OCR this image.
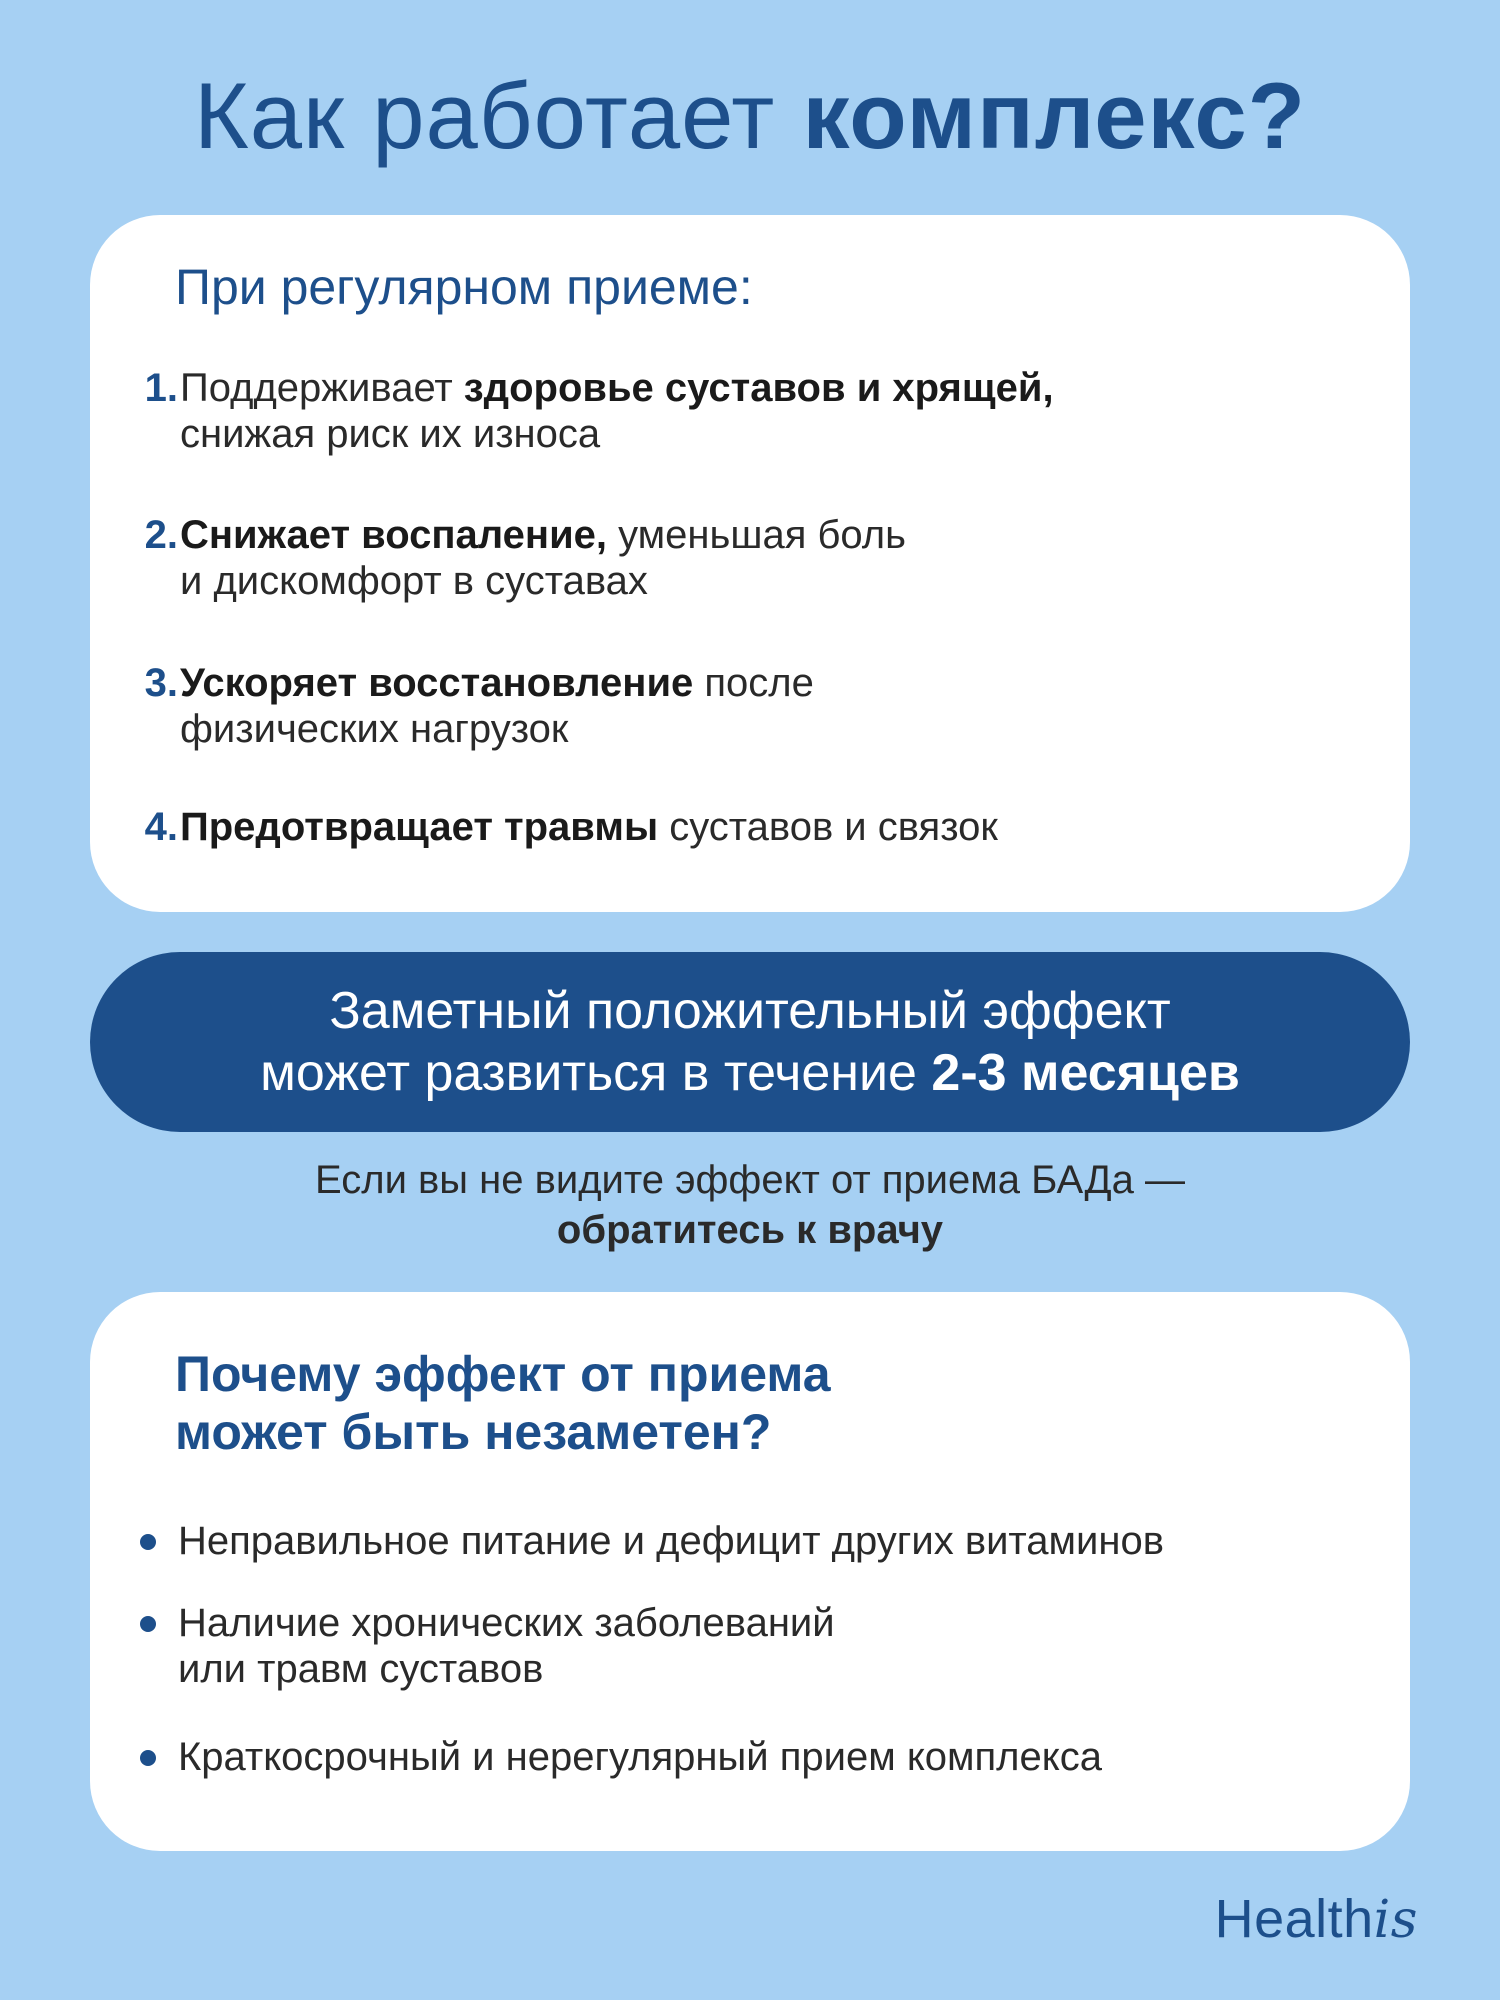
Как работает комплекс?
При регулярном приеме:
1. Поддерживает здоровье суставов и хрящей,
снижая риск их износа
2. Снижает воспаление, уменьшая боль
и дискомфорт в суставах
3. Ускоряет восстановление после
физических нагрузок
4. Предотвращает травмы суставов и связок
Заметный положительный эффект
может развиться в течение 2-3 месяцев
Если вы не видите эффект от приема БАДа —
обратитесь к врачу
Почему эффект от приема
может быть незаметен?
Неправильное питание и дефицит других витаминов
Наличие хронических заболеваний
или травм суставов
Краткосрочный и нерегулярный прием комплекса
Healthis
